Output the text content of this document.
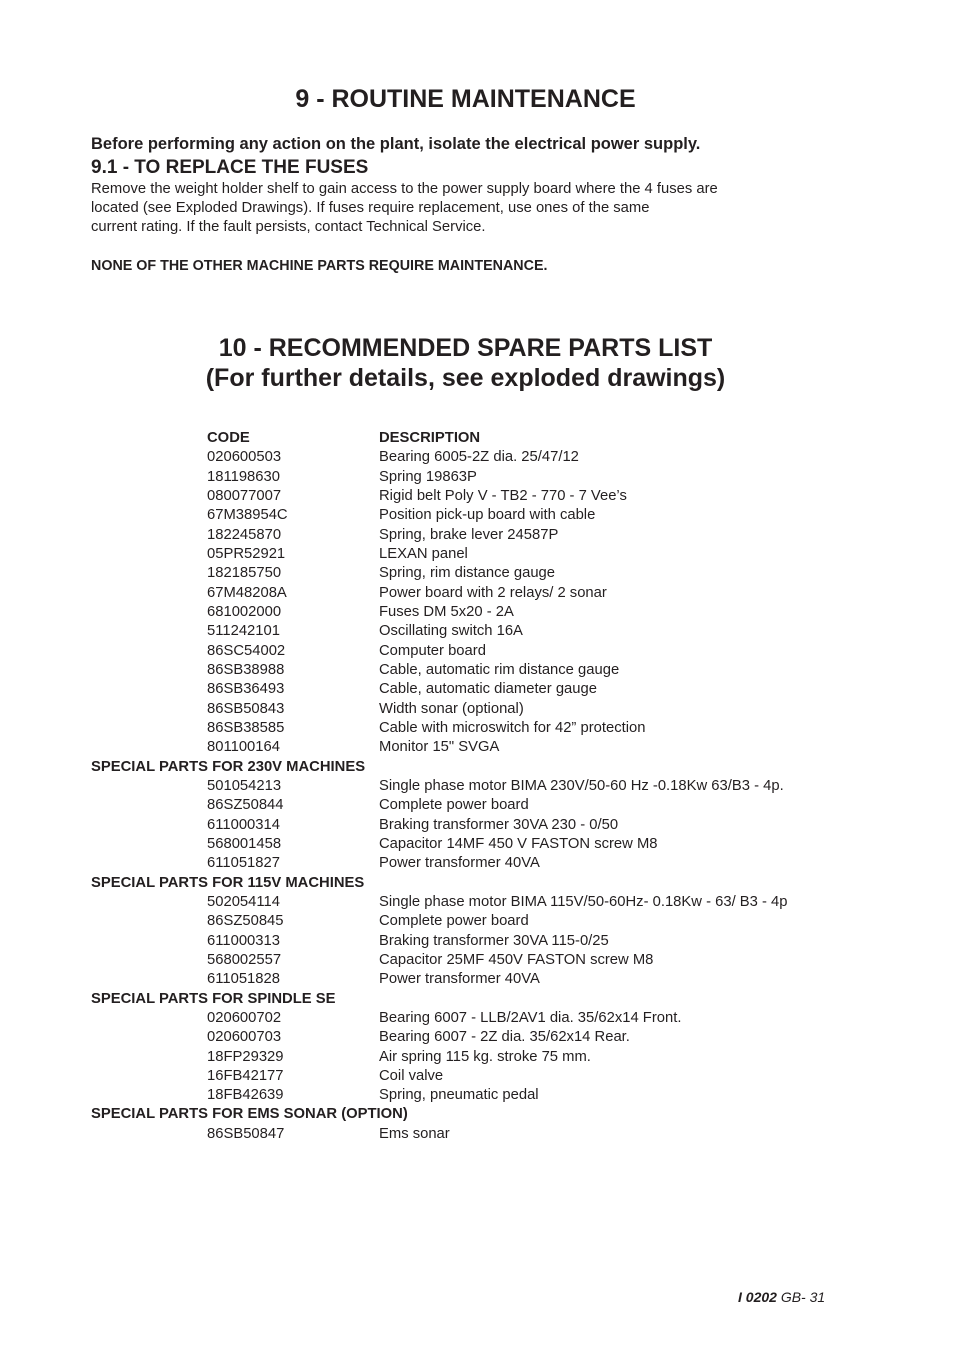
9 - ROUTINE MAINTENANCE
Before performing any action on the plant, isolate the electrical power supply.
9.1 - TO REPLACE THE FUSES
Remove the weight holder shelf to gain access to the power supply board where the 4 fuses are
located (see Exploded Drawings). If fuses require replacement, use ones of the same
current rating. If the fault persists, contact Technical Service.
NONE OF THE OTHER MACHINE PARTS REQUIRE MAINTENANCE.
10 - RECOMMENDED SPARE PARTS LIST
(For further details, see exploded drawings)
CODE	DESCRIPTION
020600503	Bearing 6005-2Z dia. 25/47/12
181198630	Spring 19863P
080077007	Rigid belt Poly V - TB2 - 770 - 7 Vee’s
67M38954C	Position pick-up board with cable
182245870	Spring, brake lever 24587P
05PR52921	LEXAN panel
182185750	Spring, rim distance gauge
67M48208A	Power board with 2 relays/ 2 sonar
681002000	Fuses DM 5x20 - 2A
511242101	Oscillating switch 16A
86SC54002	Computer board
86SB38988	Cable, automatic rim distance gauge
86SB36493	Cable, automatic diameter gauge
86SB50843	Width sonar (optional)
86SB38585	Cable with microswitch for 42” protection
801100164	Monitor 15" SVGA
SPECIAL PARTS FOR 230V MACHINES
501054213	Single phase motor BIMA 230V/50-60 Hz -0.18Kw 63/B3 - 4p.
86SZ50844	Complete power board
611000314	Braking transformer 30VA 230 - 0/50
568001458	Capacitor 14MF 450 V FASTON screw M8
611051827	Power transformer 40VA
SPECIAL PARTS FOR 115V MACHINES
502054114	Single phase motor BIMA 115V/50-60Hz- 0.18Kw - 63/ B3 - 4p
86SZ50845	Complete power board
611000313	Braking transformer 30VA 115-0/25
568002557	Capacitor 25MF 450V FASTON screw M8
611051828	Power transformer 40VA
SPECIAL PARTS FOR SPINDLE SE
020600702	Bearing 6007 - LLB/2AV1 dia. 35/62x14 Front.
020600703	Bearing 6007 - 2Z dia. 35/62x14 Rear.
18FP29329	Air spring 115 kg. stroke 75 mm.
16FB42177	Coil valve
18FB42639	Spring, pneumatic pedal
SPECIAL PARTS FOR EMS SONAR (OPTION)
86SB50847	Ems sonar
I 0202 GB- 31
